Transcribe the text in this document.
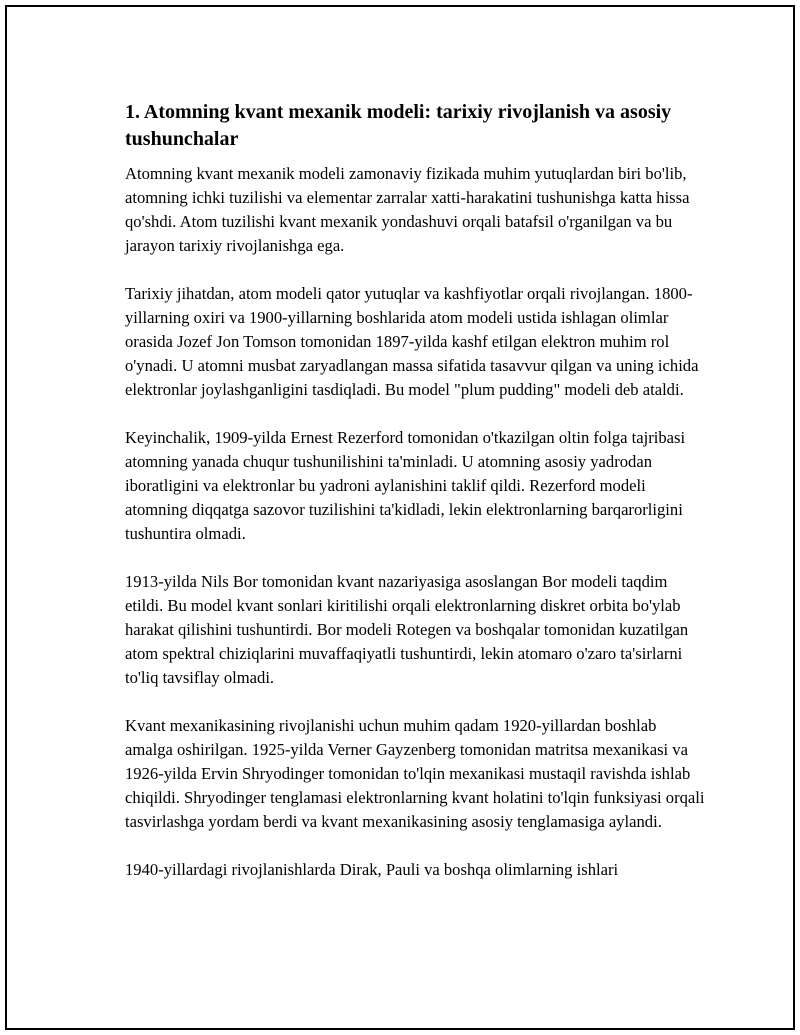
1. Atomning kvant mexanik modeli: tarixiy rivojlanish va asosiy tushunchalar

Atomning kvant mexanik modeli zamonaviy fizikada muhim yutuqlardan biri bo'lib, atomning ichki tuzilishi va elementar zarralar xatti-harakatini tushunishga katta hissa qo'shdi. Atom tuzilishi kvant mexanik yondashuvi orqali batafsil o'rganilgan va bu jarayon tarixiy rivojlanishga ega.

Tarixiy jihatdan, atom modeli qator yutuqlar va kashfiyotlar orqali rivojlangan. 1800-yillarning oxiri va 1900-yillarning boshlarida atom modeli ustida ishlagan olimlar orasida Jozef Jon Tomson tomonidan 1897-yilda kashf etilgan elektron muhim rol o'ynadi. U atomni musbat zaryadlangan massa sifatida tasavvur qilgan va uning ichida elektronlar joylashganligini tasdiqladi. Bu model "plum pudding" modeli deb ataldi.

Keyinchalik, 1909-yilda Ernest Rezerford tomonidan o'tkazilgan oltin folga tajribasi atomning yanada chuqur tushunilishini ta'minladi. U atomning asosiy yadrodan iboratligini va elektronlar bu yadroni aylanishini taklif qildi. Rezerford modeli atomning diqqatga sazovor tuzilishini ta'kidladi, lekin elektronlarning barqarorligini tushuntira olmadi.

1913-yilda Nils Bor tomonidan kvant nazariyasiga asoslangan Bor modeli taqdim etildi. Bu model kvant sonlari kiritilishi orqali elektronlarning diskret orbita bo'ylab harakat qilishini tushuntirdi. Bor modeli Rotegen va boshqalar tomonidan kuzatilgan atom spektral chiziqlarini muvaffaqiyatli tushuntirdi, lekin atomaro o'zaro ta'sirlarni to'liq tavsiflay olmadi.

Kvant mexanikasining rivojlanishi uchun muhim qadam 1920-yillardan boshlab amalga oshirilgan. 1925-yilda Verner Gayzenberg tomonidan matritsa mexanikasi va 1926-yilda Ervin Shryodinger tomonidan to'lqin mexanikasi mustaqil ravishda ishlab chiqildi. Shryodinger tenglamasi elektronlarning kvant holatini to'lqin funksiyasi orqali tasvirlashga yordam berdi va kvant mexanikasining asosiy tenglamasiga aylandi.

1940-yillardagi rivojlanishlarda Dirak, Pauli va boshqa olimlarning ishlari
